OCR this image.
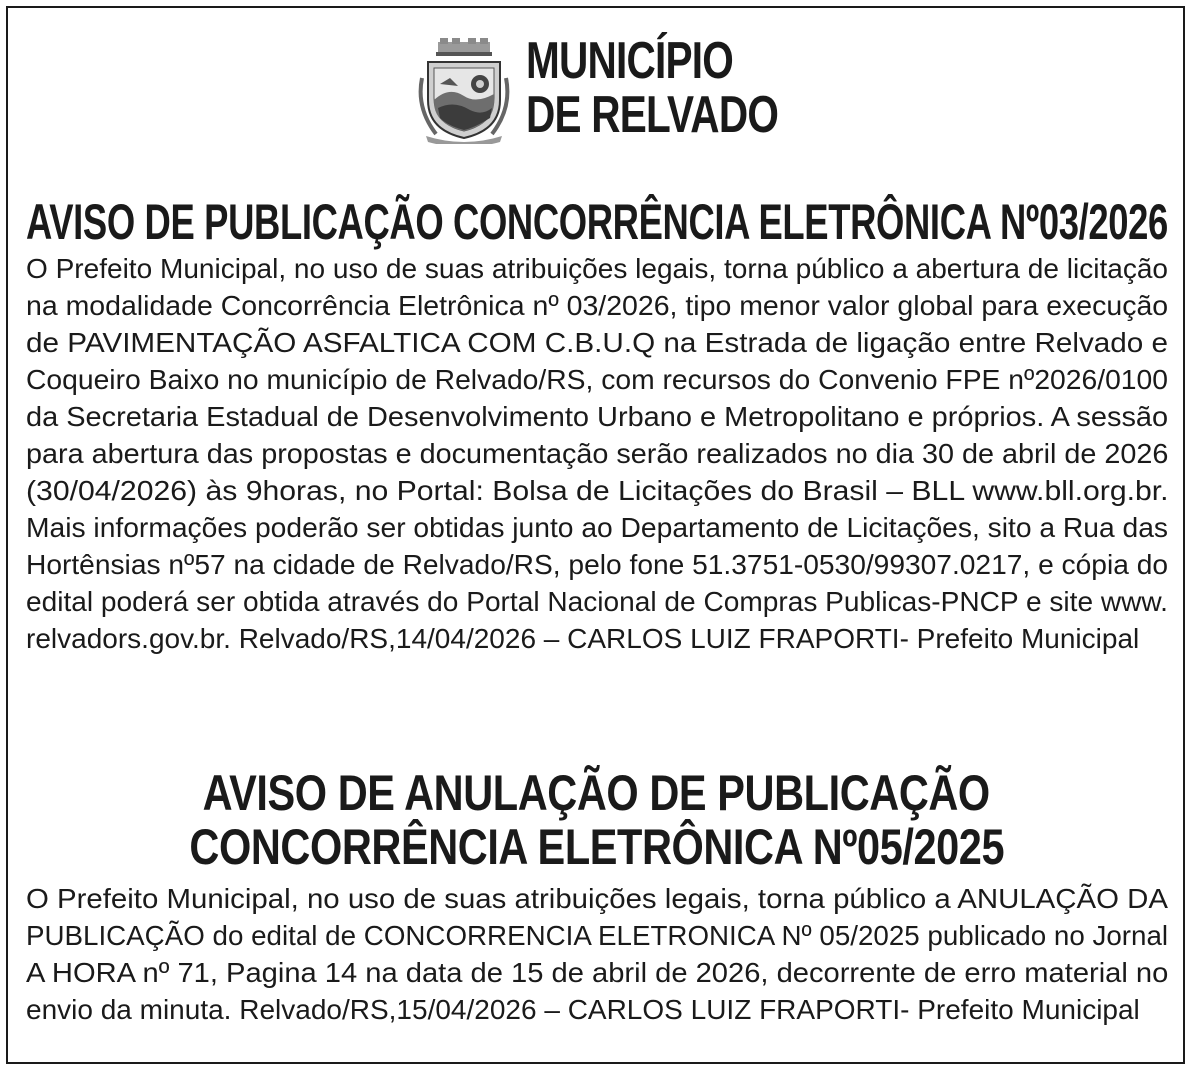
MUNICÍPIO
DE RELVADO
AVISO DE PUBLICAÇÃO CONCORRÊNCIA ELETRÔNICA Nº03/2026
O Prefeito Municipal, no uso de suas atribuições legais, torna público a abertura de licitação
na modalidade Concorrência Eletrônica nº 03/2026, tipo menor valor global para execução
de PAVIMENTAÇÃO ASFALTICA COM C.B.U.Q na Estrada de ligação entre Relvado e
Coqueiro Baixo no município de Relvado/RS, com recursos do Convenio FPE nº2026/0100
da Secretaria Estadual de Desenvolvimento Urbano e Metropolitano e próprios. A sessão
para abertura das propostas e documentação serão realizados no dia 30 de abril de 2026
(30/04/2026) às 9horas, no Portal: Bolsa de Licitações do Brasil – BLL www.bll.org.br.
Mais informações poderão ser obtidas junto ao Departamento de Licitações, sito a Rua das
Hortênsias nº57 na cidade de Relvado/RS, pelo fone 51.3751-0530/99307.0217, e cópia do
edital poderá ser obtida através do Portal Nacional de Compras Publicas-PNCP e site www.
relvadors.gov.br. Relvado/RS,14/04/2026 – CARLOS LUIZ FRAPORTI- Prefeito Municipal
AVISO DE ANULAÇÃO DE PUBLICAÇÃO
CONCORRÊNCIA ELETRÔNICA Nº05/2025
O Prefeito Municipal, no uso de suas atribuições legais, torna público a ANULAÇÃO DA
PUBLICAÇÃO do edital de CONCORRENCIA ELETRONICA Nº 05/2025 publicado no Jornal
A HORA nº 71, Pagina 14 na data de 15 de abril de 2026, decorrente de erro material no
envio da minuta. Relvado/RS,15/04/2026 – CARLOS LUIZ FRAPORTI- Prefeito Municipal
